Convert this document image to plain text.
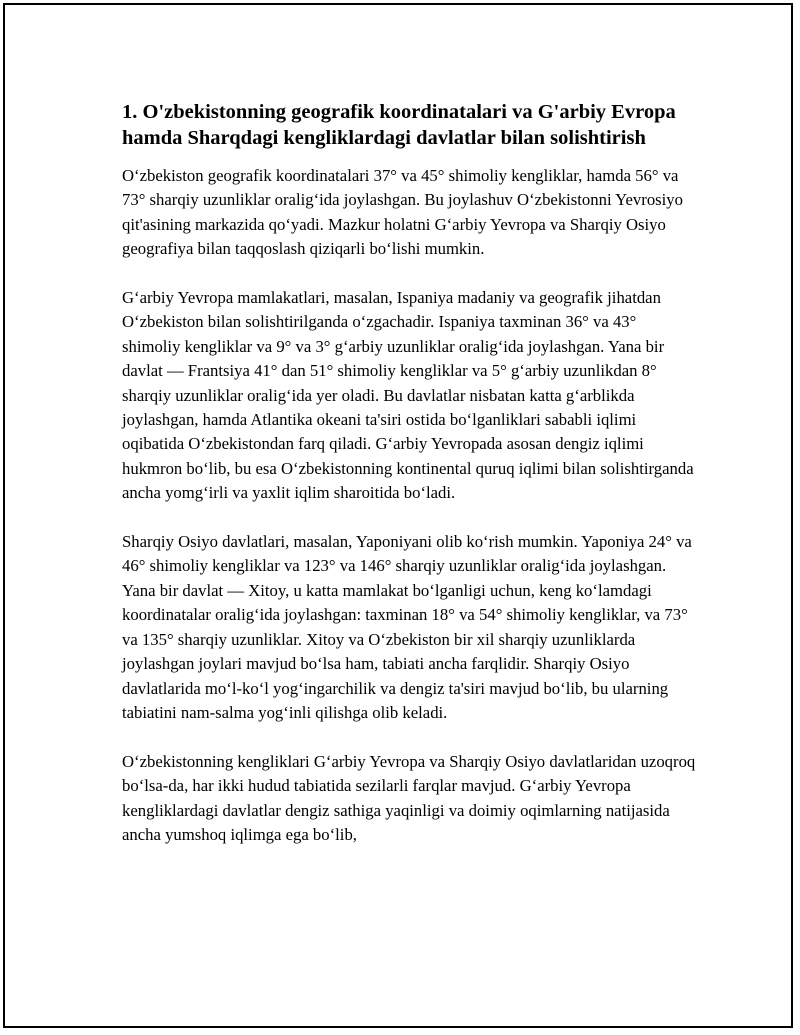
1. O'zbekistonning geografik koordinatalari va G'arbiy Evropa hamda Sharqdagi kengliklardagi davlatlar bilan solishtirish

O‘zbekiston geografik koordinatalari 37° va 45° shimoliy kengliklar, hamda 56° va 73° sharqiy uzunliklar oralig‘ida joylashgan. Bu joylashuv O‘zbekistonni Yevrosiyo qit'asining markazida qo‘yadi. Mazkur holatni G‘arbiy Yevropa va Sharqiy Osiyo geografiya bilan taqqoslash qiziqarli bo‘lishi mumkin.

G‘arbiy Yevropa mamlakatlari, masalan, Ispaniya madaniy va geografik jihatdan O‘zbekiston bilan solishtirilganda o‘zgachadir. Ispaniya taxminan 36° va 43° shimoliy kengliklar va 9° va 3° g‘arbiy uzunliklar oralig‘ida joylashgan. Yana bir davlat — Frantsiya 41° dan 51° shimoliy kengliklar va 5° g‘arbiy uzunlikdan 8° sharqiy uzunliklar oralig‘ida yer oladi. Bu davlatlar nisbatan katta g‘arblikda joylashgan, hamda Atlantika okeani ta'siri ostida bo‘lganliklari sababli iqlimi oqibatida O‘zbekistondan farq qiladi. G‘arbiy Yevropada asosan dengiz iqlimi hukmron bo‘lib, bu esa O‘zbekistonning kontinental quruq iqlimi bilan solishtirganda ancha yomg‘irli va yaxlit iqlim sharoitida bo‘ladi.

Sharqiy Osiyo davlatlari, masalan, Yaponiyani olib ko‘rish mumkin. Yaponiya 24° va 46° shimoliy kengliklar va 123° va 146° sharqiy uzunliklar oralig‘ida joylashgan. Yana bir davlat — Xitoy, u katta mamlakat bo‘lganligi uchun, keng ko‘lamdagi koordinatalar oralig‘ida joylashgan: taxminan 18° va 54° shimoliy kengliklar, va 73° va 135° sharqiy uzunliklar. Xitoy va O‘zbekiston bir xil sharqiy uzunliklarda joylashgan joylari mavjud bo‘lsa ham, tabiati ancha farqlidir. Sharqiy Osiyo davlatlarida mo‘l-ko‘l yog‘ingarchilik va dengiz ta'siri mavjud bo‘lib, bu ularning tabiatini nam-salma yog‘inli qilishga olib keladi.

O‘zbekistonning kengliklari G‘arbiy Yevropa va Sharqiy Osiyo davlatlaridan uzoqroq bo‘lsa-da, har ikki hudud tabiatida sezilarli farqlar mavjud. G‘arbiy Yevropa kengliklardagi davlatlar dengiz sathiga yaqinligi va doimiy oqimlarning natijasida ancha yumshoq iqlimga ega bo‘lib,
